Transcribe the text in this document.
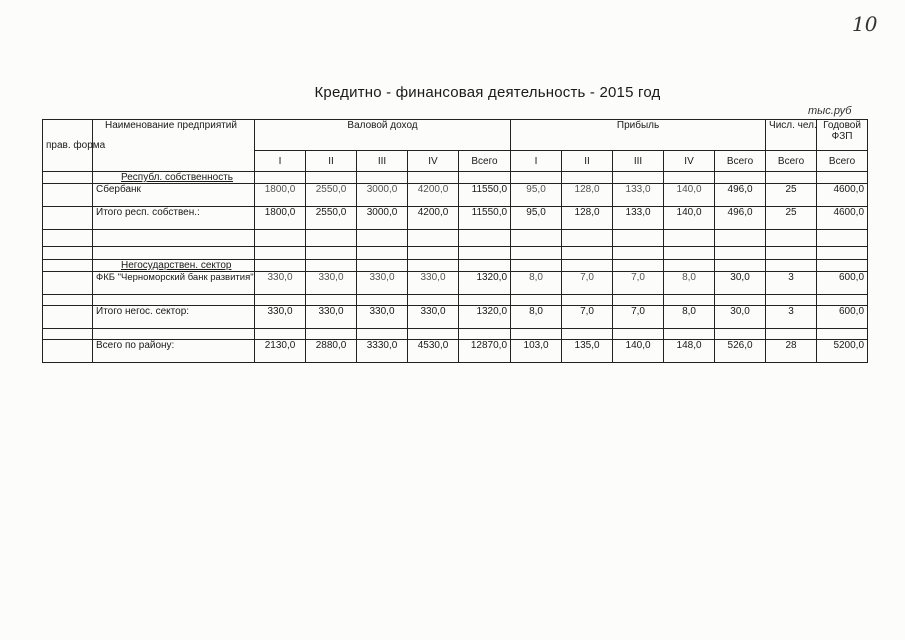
10
Кредитно - финансовая деятельность - 2015 год
тыс.руб
прав. форма	Наименование предприятий	Валовой доход					Прибыль					Числ. чел.	Годовой ФЗП
		I	II	III	IV	Всего	I	II	III	IV	Всего	Всего	Всего
	Республ. собственность												
	Сбербанк	1800,0	2550,0	3000,0	4200,0	11550,0	95,0	128,0	133,0	140,0	496,0	25	4600,0
	Итого респ. собствен.:	1800,0	2550,0	3000,0	4200,0	11550,0	95,0	128,0	133,0	140,0	496,0	25	4600,0

	Негосударствен. сектор												
	ФКБ "Черноморский банк развития"	330,0	330,0	330,0	330,0	1320,0	8,0	7,0	7,0	8,0	30,0	3	600,0

	Итого негос. сектор:	330,0	330,0	330,0	330,0	1320,0	8,0	7,0	7,0	8,0	30,0	3	600,0

	Всего по району:	2130,0	2880,0	3330,0	4530,0	12870,0	103,0	135,0	140,0	148,0	526,0	28	5200,0
